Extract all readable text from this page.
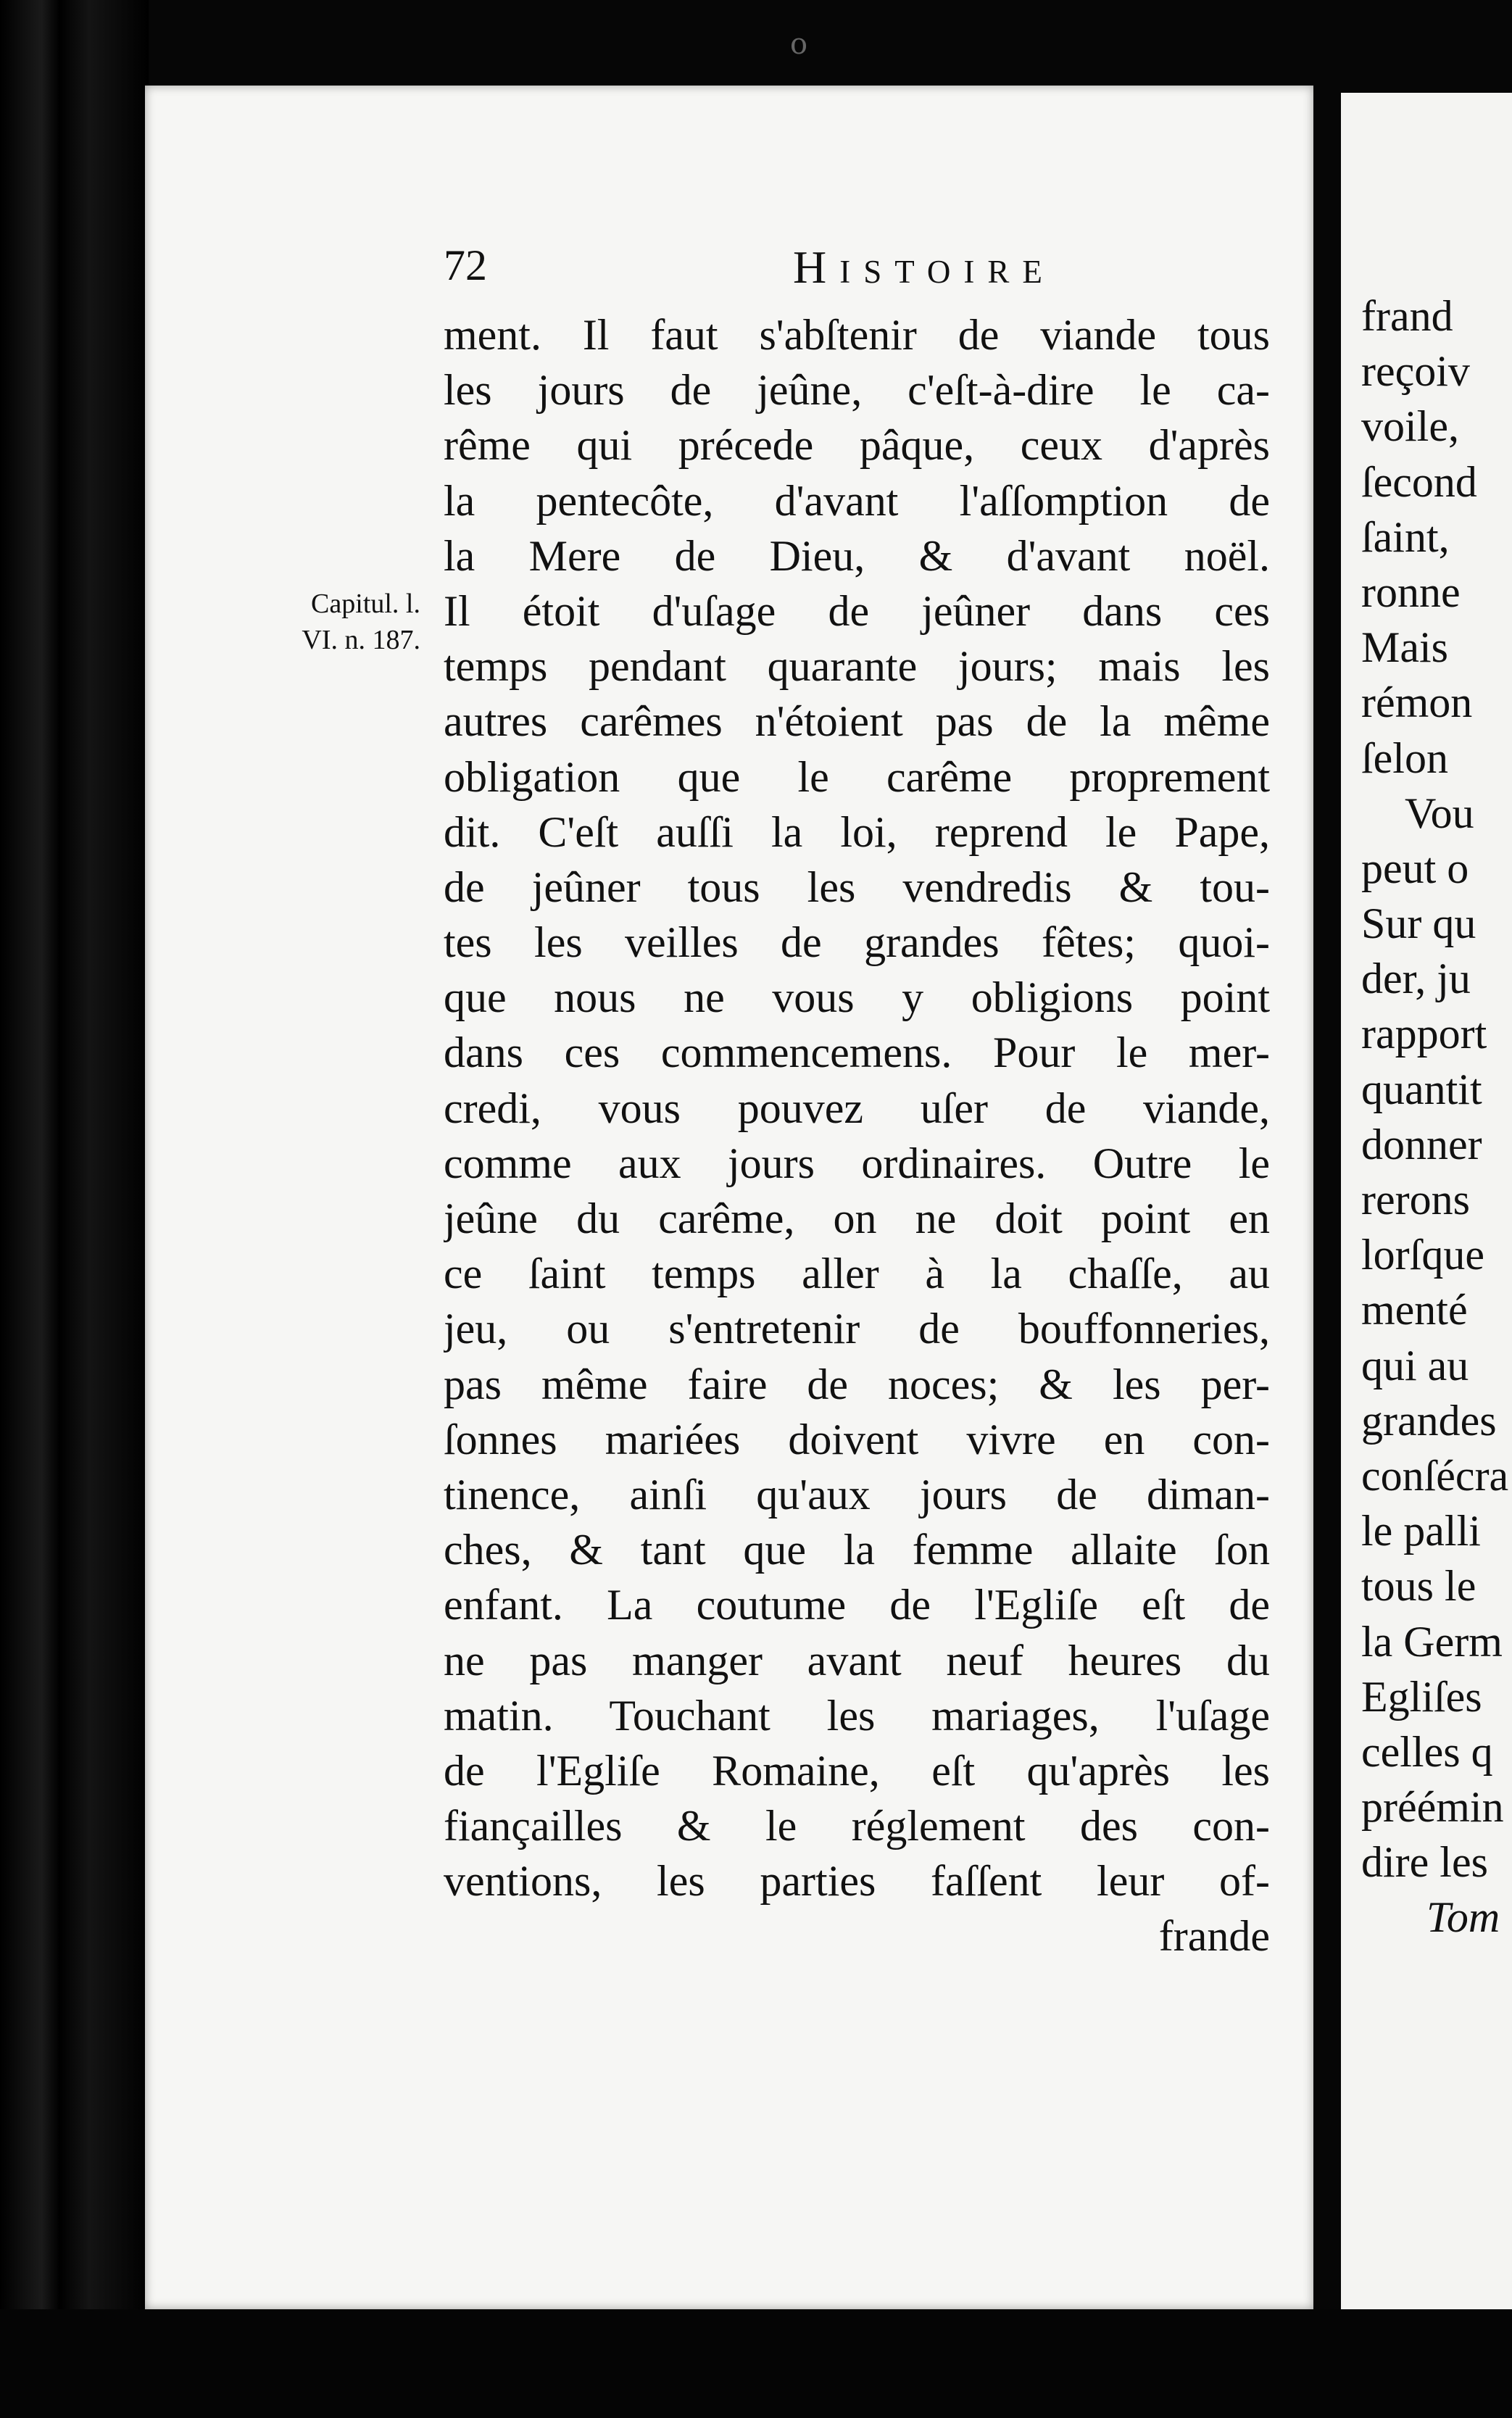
o
72	Histoire
Capitul. l.
VI. n. 187.
ment. Il faut s'abſtenir de viande tous
les jours de jeûne, c'eſt-à-dire le ca-
rême qui précede pâque, ceux d'après
la pentecôte, d'avant l'aſſomption de
la Mere de Dieu, & d'avant noël.
Il étoit d'uſage de jeûner dans ces
temps pendant quarante jours; mais les
autres carêmes n'étoient pas de la même
obligation que le carême proprement
dit. C'eſt auſſi la loi, reprend le Pape,
de jeûner tous les vendredis & tou-
tes les veilles de grandes fêtes; quoi-
que nous ne vous y obligions point
dans ces commencemens. Pour le mer-
credi, vous pouvez uſer de viande,
comme aux jours ordinaires. Outre le
jeûne du carême, on ne doit point en
ce ſaint temps aller à la chaſſe, au
jeu, ou s'entretenir de bouffonneries,
pas même faire de noces; & les per-
ſonnes mariées doivent vivre en con-
tinence, ainſi qu'aux jours de diman-
ches, & tant que la femme allaite ſon
enfant. La coutume de l'Egliſe eſt de
ne pas manger avant neuf heures du
matin. Touchant les mariages, l'uſage
de l'Egliſe Romaine, eſt qu'après les
fiançailles & le réglement des con-
ventions, les parties faſſent leur of-
frande
frand
reçoiv
voile,
ſecond
ſaint,
ronne
Mais
rémon
ſelon
Vou
peut o
Sur qu
der, ju
rapport
quantit
donner
rerons
lorſque
menté
qui au
grandes
conſécra
le palli
tous le
la Germ
Egliſes
celles q
préémin
dire les
Tom
